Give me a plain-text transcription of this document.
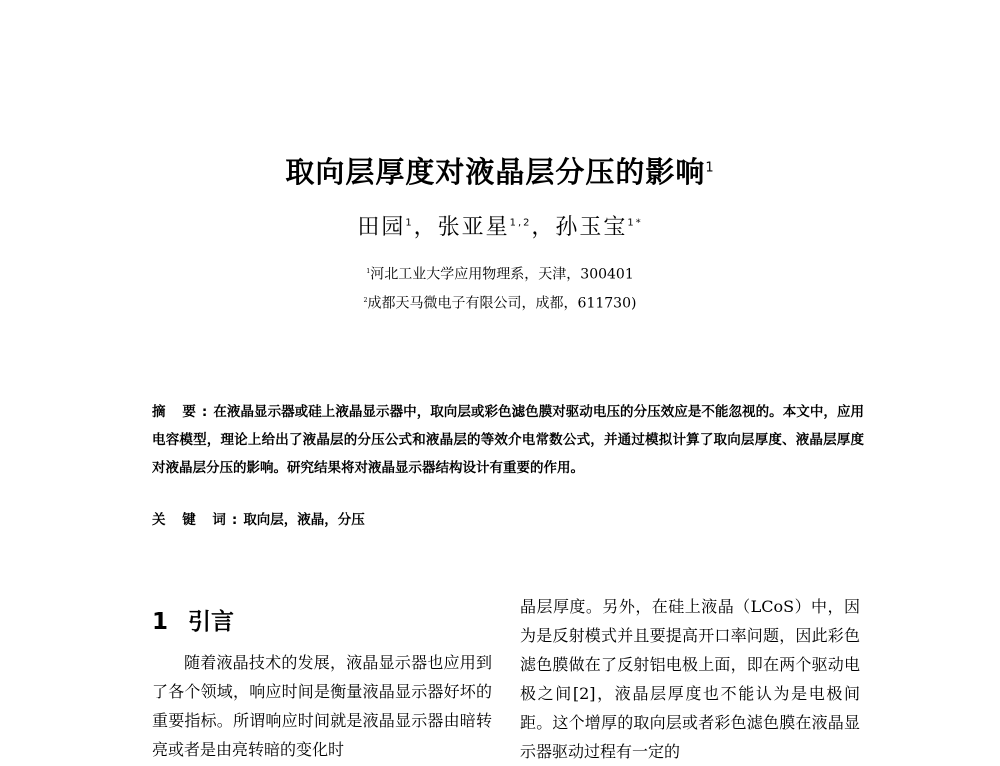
取向层厚度对液晶层分压的影响$^1$
田园$^1$，张亚星$^{1,2}$，孙玉宝$^{1*}$
$^1$河北工业大学应用物理系，天津，300401
$^2$成都天马微电子有限公司，成都，611730)
摘 要:在液晶显示器或硅上液晶显示器中，取向层或彩色滤色膜对驱动电压的分压效应是不能忽视的。本文中，应用电容模型，理论上给出了液晶层的分压公式和液晶层的等效介电常数公式，并通过模拟计算了取向层厚度、液晶层厚度对液晶层分压的影响。研究结果将对液晶显示器结构设计有重要的作用。
关 键 词:取向层，液晶，分压
1 引言

随着液晶技术的发展，液晶显示器也应用到了各个领域，响应时间是衡量液晶显示器好坏的重要指标。所谓响应时间就是液晶显示器由暗转亮或者是由亮转暗的变化时

晶层厚度。另外，在硅上液晶（LCoS）中，因为是反射模式并且要提高开口率问题，因此彩色滤色膜做在了反射铝电极上面，即在两个驱动电极之间[2]，液晶层厚度也不能认为是电极间距。这个增厚的取向层或者彩色滤色膜在液晶显示器驱动过程有一定的
